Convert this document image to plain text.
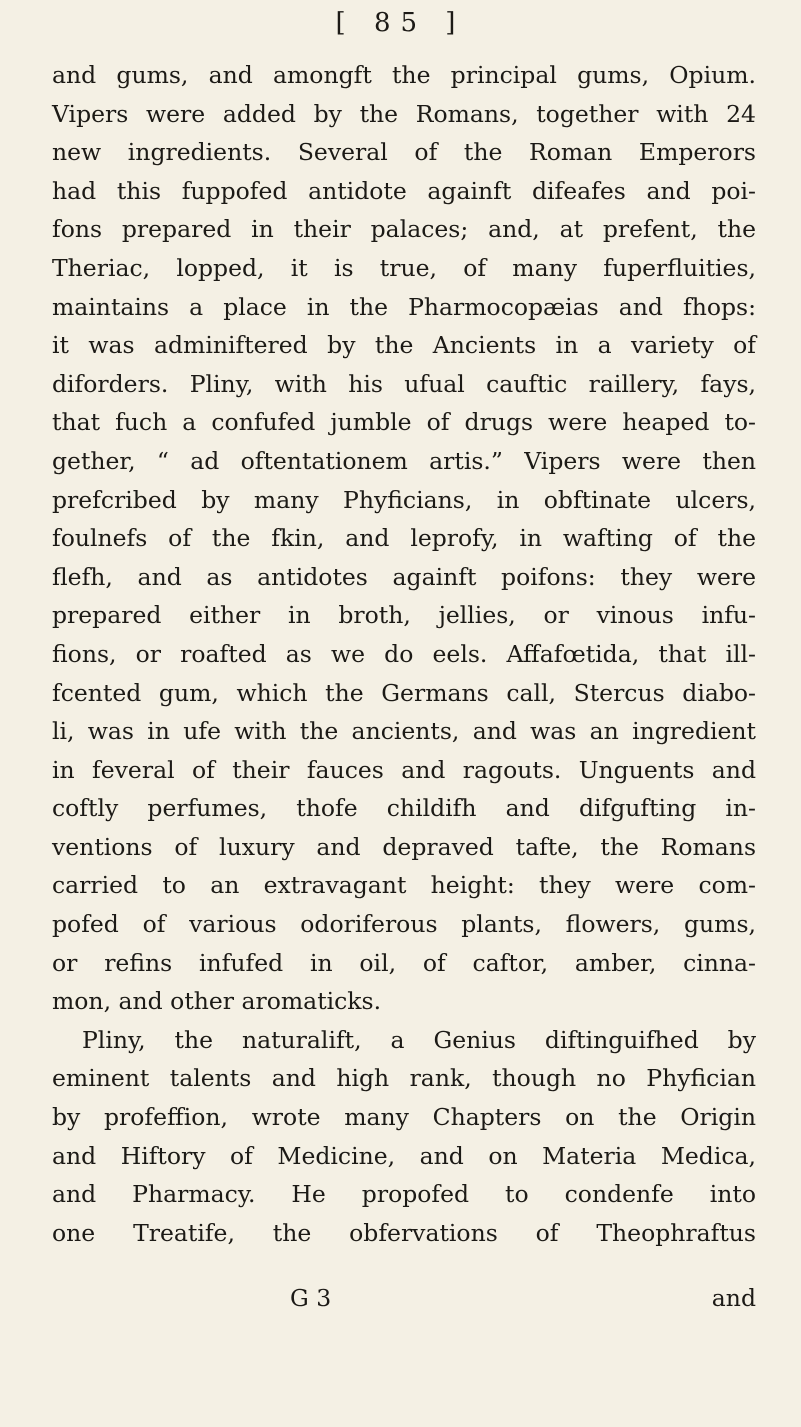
[ 85 ]
and gums, and amongft the principal gums, Opium.
Vipers were added by the Romans, together with 24
new ingredients. Several of the Roman Emperors
had this fuppofed antidote againft difeafes and poi-
fons prepared in their palaces; and, at prefent, the
Theriac, lopped, it is true, of many fuperfluities,
maintains a place in the Pharmocopæias and fhops:
it was adminiftered by the Ancients in a variety of
diforders. Pliny, with his ufual cauftic raillery, fays,
that fuch a confufed jumble of drugs were heaped to-
gether, “ ad oftentationem artis.” Vipers were then
prefcribed by many Phyficians, in obftinate ulcers,
foulnefs of the fkin, and leprofy, in wafting of the
flefh, and as antidotes againft poifons: they were
prepared either in broth, jellies, or vinous infu-
fions, or roafted as we do eels. Affafœtida, that ill-
fcented gum, which the Germans call, Stercus diabo-
li, was in ufe with the ancients, and was an ingredient
in feveral of their fauces and ragouts. Unguents and
coftly perfumes, thofe childifh and difgufting in-
ventions of luxury and depraved tafte, the Romans
carried to an extravagant height: they were com-
pofed of various odoriferous plants, flowers, gums,
or refins infufed in oil, of caftor, amber, cinna-
mon, and other aromaticks.
Pliny, the naturalift, a Genius diftinguifhed by
eminent talents and high rank, though no Phyfician
by profeffion, wrote many Chapters on the Origin
and Hiftory of Medicine, and on Materia Medica,
and Pharmacy. He propofed to condenfe into
one Treatife, the obfervations of Theophraftus
G 3	and
